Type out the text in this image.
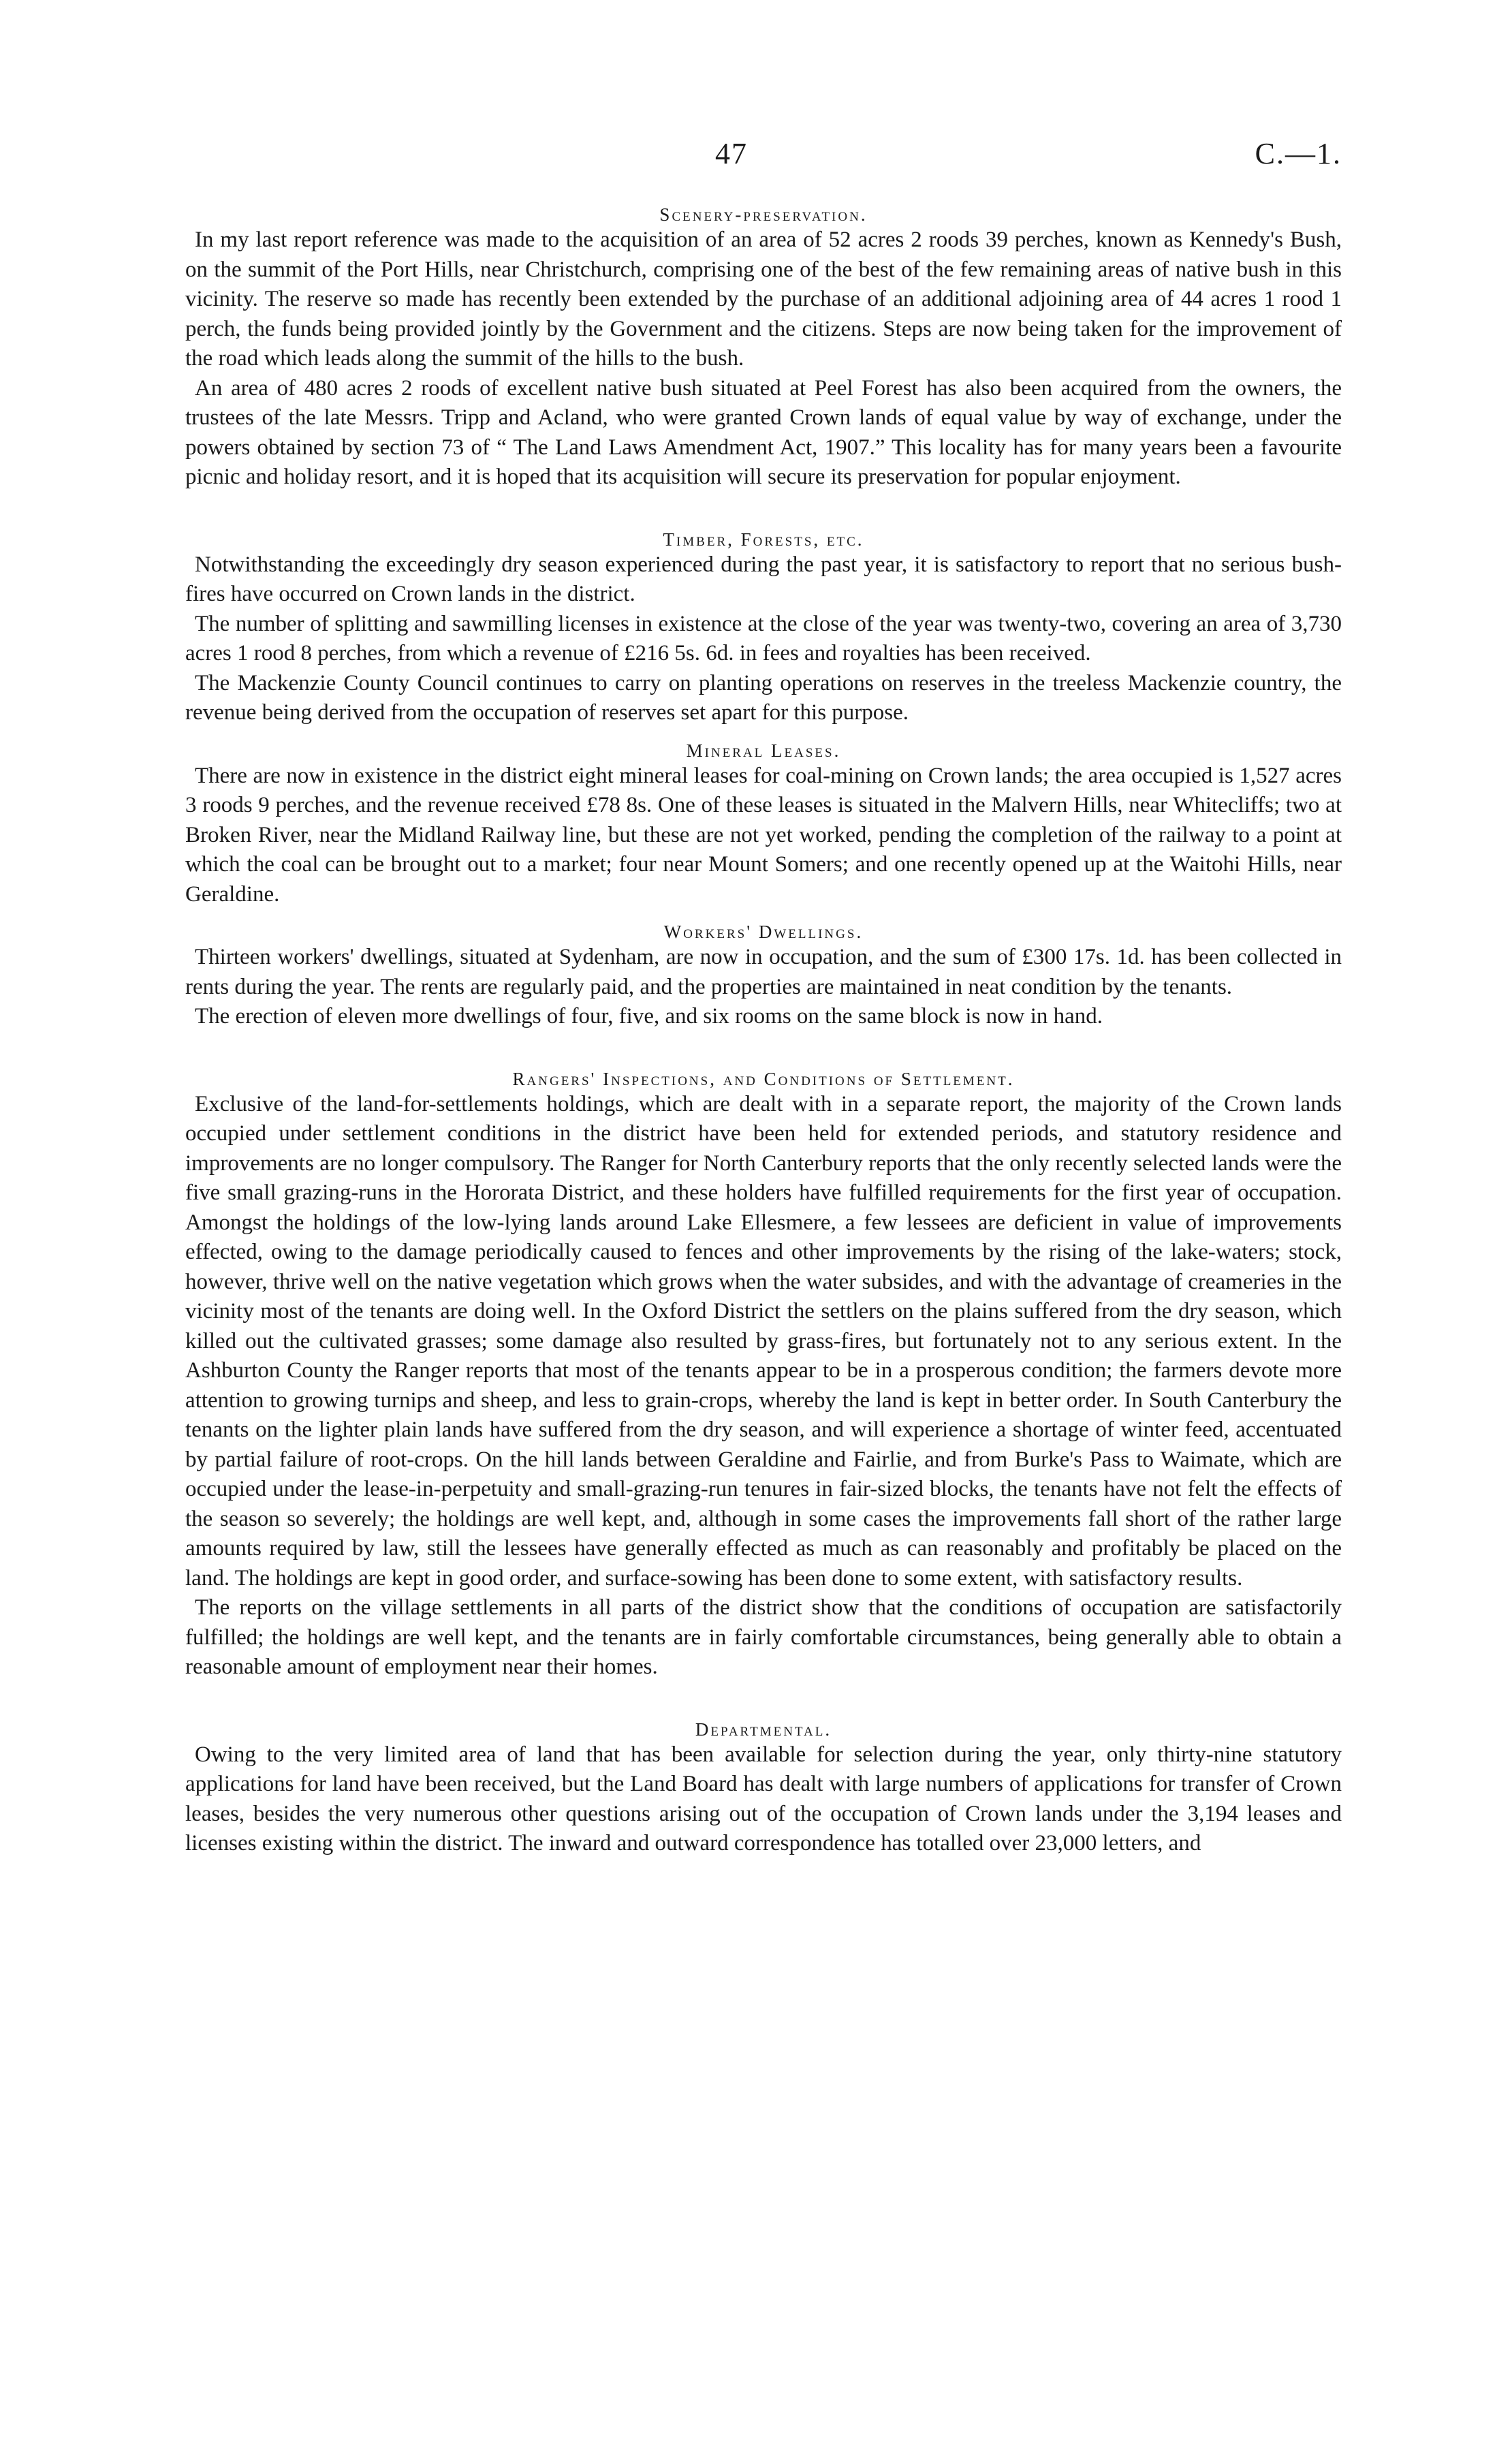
47	C.—1.
Scenery-preservation.

In my last report reference was made to the acquisition of an area of 52 acres 2 roods 39 perches, known as Kennedy's Bush, on the summit of the Port Hills, near Christchurch, comprising one of the best of the few remaining areas of native bush in this vicinity. The reserve so made has recently been extended by the purchase of an additional adjoining area of 44 acres 1 rood 1 perch, the funds being provided jointly by the Government and the citizens. Steps are now being taken for the improvement of the road which leads along the summit of the hills to the bush.

An area of 480 acres 2 roods of excellent native bush situated at Peel Forest has also been acquired from the owners, the trustees of the late Messrs. Tripp and Acland, who were granted Crown lands of equal value by way of exchange, under the powers obtained by section 73 of “ The Land Laws Amendment Act, 1907.” This locality has for many years been a favourite picnic and holiday resort, and it is hoped that its acquisition will secure its preservation for popular enjoyment.

Timber, Forests, etc.

Notwithstanding the exceedingly dry season experienced during the past year, it is satisfactory to report that no serious bush-fires have occurred on Crown lands in the district.

The number of splitting and sawmilling licenses in existence at the close of the year was twenty-two, covering an area of 3,730 acres 1 rood 8 perches, from which a revenue of £216 5s. 6d. in fees and royalties has been received.

The Mackenzie County Council continues to carry on planting operations on reserves in the treeless Mackenzie country, the revenue being derived from the occupation of reserves set apart for this purpose.

Mineral Leases.

There are now in existence in the district eight mineral leases for coal-mining on Crown lands; the area occupied is 1,527 acres 3 roods 9 perches, and the revenue received £78 8s. One of these leases is situated in the Malvern Hills, near Whitecliffs; two at Broken River, near the Midland Railway line, but these are not yet worked, pending the completion of the railway to a point at which the coal can be brought out to a market; four near Mount Somers; and one recently opened up at the Waitohi Hills, near Geraldine.

Workers' Dwellings.

Thirteen workers' dwellings, situated at Sydenham, are now in occupation, and the sum of £300 17s. 1d. has been collected in rents during the year. The rents are regularly paid, and the properties are maintained in neat condition by the tenants.

The erection of eleven more dwellings of four, five, and six rooms on the same block is now in hand.

Rangers' Inspections, and Conditions of Settlement.

Exclusive of the land-for-settlements holdings, which are dealt with in a separate report, the majority of the Crown lands occupied under settlement conditions in the district have been held for extended periods, and statutory residence and improvements are no longer compulsory. The Ranger for North Canterbury reports that the only recently selected lands were the five small grazing-runs in the Hororata District, and these holders have fulfilled requirements for the first year of occupation. Amongst the holdings of the low-lying lands around Lake Ellesmere, a few lessees are deficient in value of improvements effected, owing to the damage periodically caused to fences and other improvements by the rising of the lake-waters; stock, however, thrive well on the native vegetation which grows when the water subsides, and with the advantage of creameries in the vicinity most of the tenants are doing well. In the Oxford District the settlers on the plains suffered from the dry season, which killed out the cultivated grasses; some damage also resulted by grass-fires, but fortunately not to any serious extent. In the Ashburton County the Ranger reports that most of the tenants appear to be in a prosperous condition; the farmers devote more attention to growing turnips and sheep, and less to grain-crops, whereby the land is kept in better order. In South Canterbury the tenants on the lighter plain lands have suffered from the dry season, and will experience a shortage of winter feed, accentuated by partial failure of root-crops. On the hill lands between Geraldine and Fairlie, and from Burke's Pass to Waimate, which are occupied under the lease-in-perpetuity and small-grazing-run tenures in fair-sized blocks, the tenants have not felt the effects of the season so severely; the holdings are well kept, and, although in some cases the improvements fall short of the rather large amounts required by law, still the lessees have generally effected as much as can reasonably and profitably be placed on the land. The holdings are kept in good order, and surface-sowing has been done to some extent, with satisfactory results.

The reports on the village settlements in all parts of the district show that the conditions of occupation are satisfactorily fulfilled; the holdings are well kept, and the tenants are in fairly comfortable circumstances, being generally able to obtain a reasonable amount of employment near their homes.

Departmental.

Owing to the very limited area of land that has been available for selection during the year, only thirty-nine statutory applications for land have been received, but the Land Board has dealt with large numbers of applications for transfer of Crown leases, besides the very numerous other questions arising out of the occupation of Crown lands under the 3,194 leases and licenses existing within the district. The inward and outward correspondence has totalled over 23,000 letters, and
